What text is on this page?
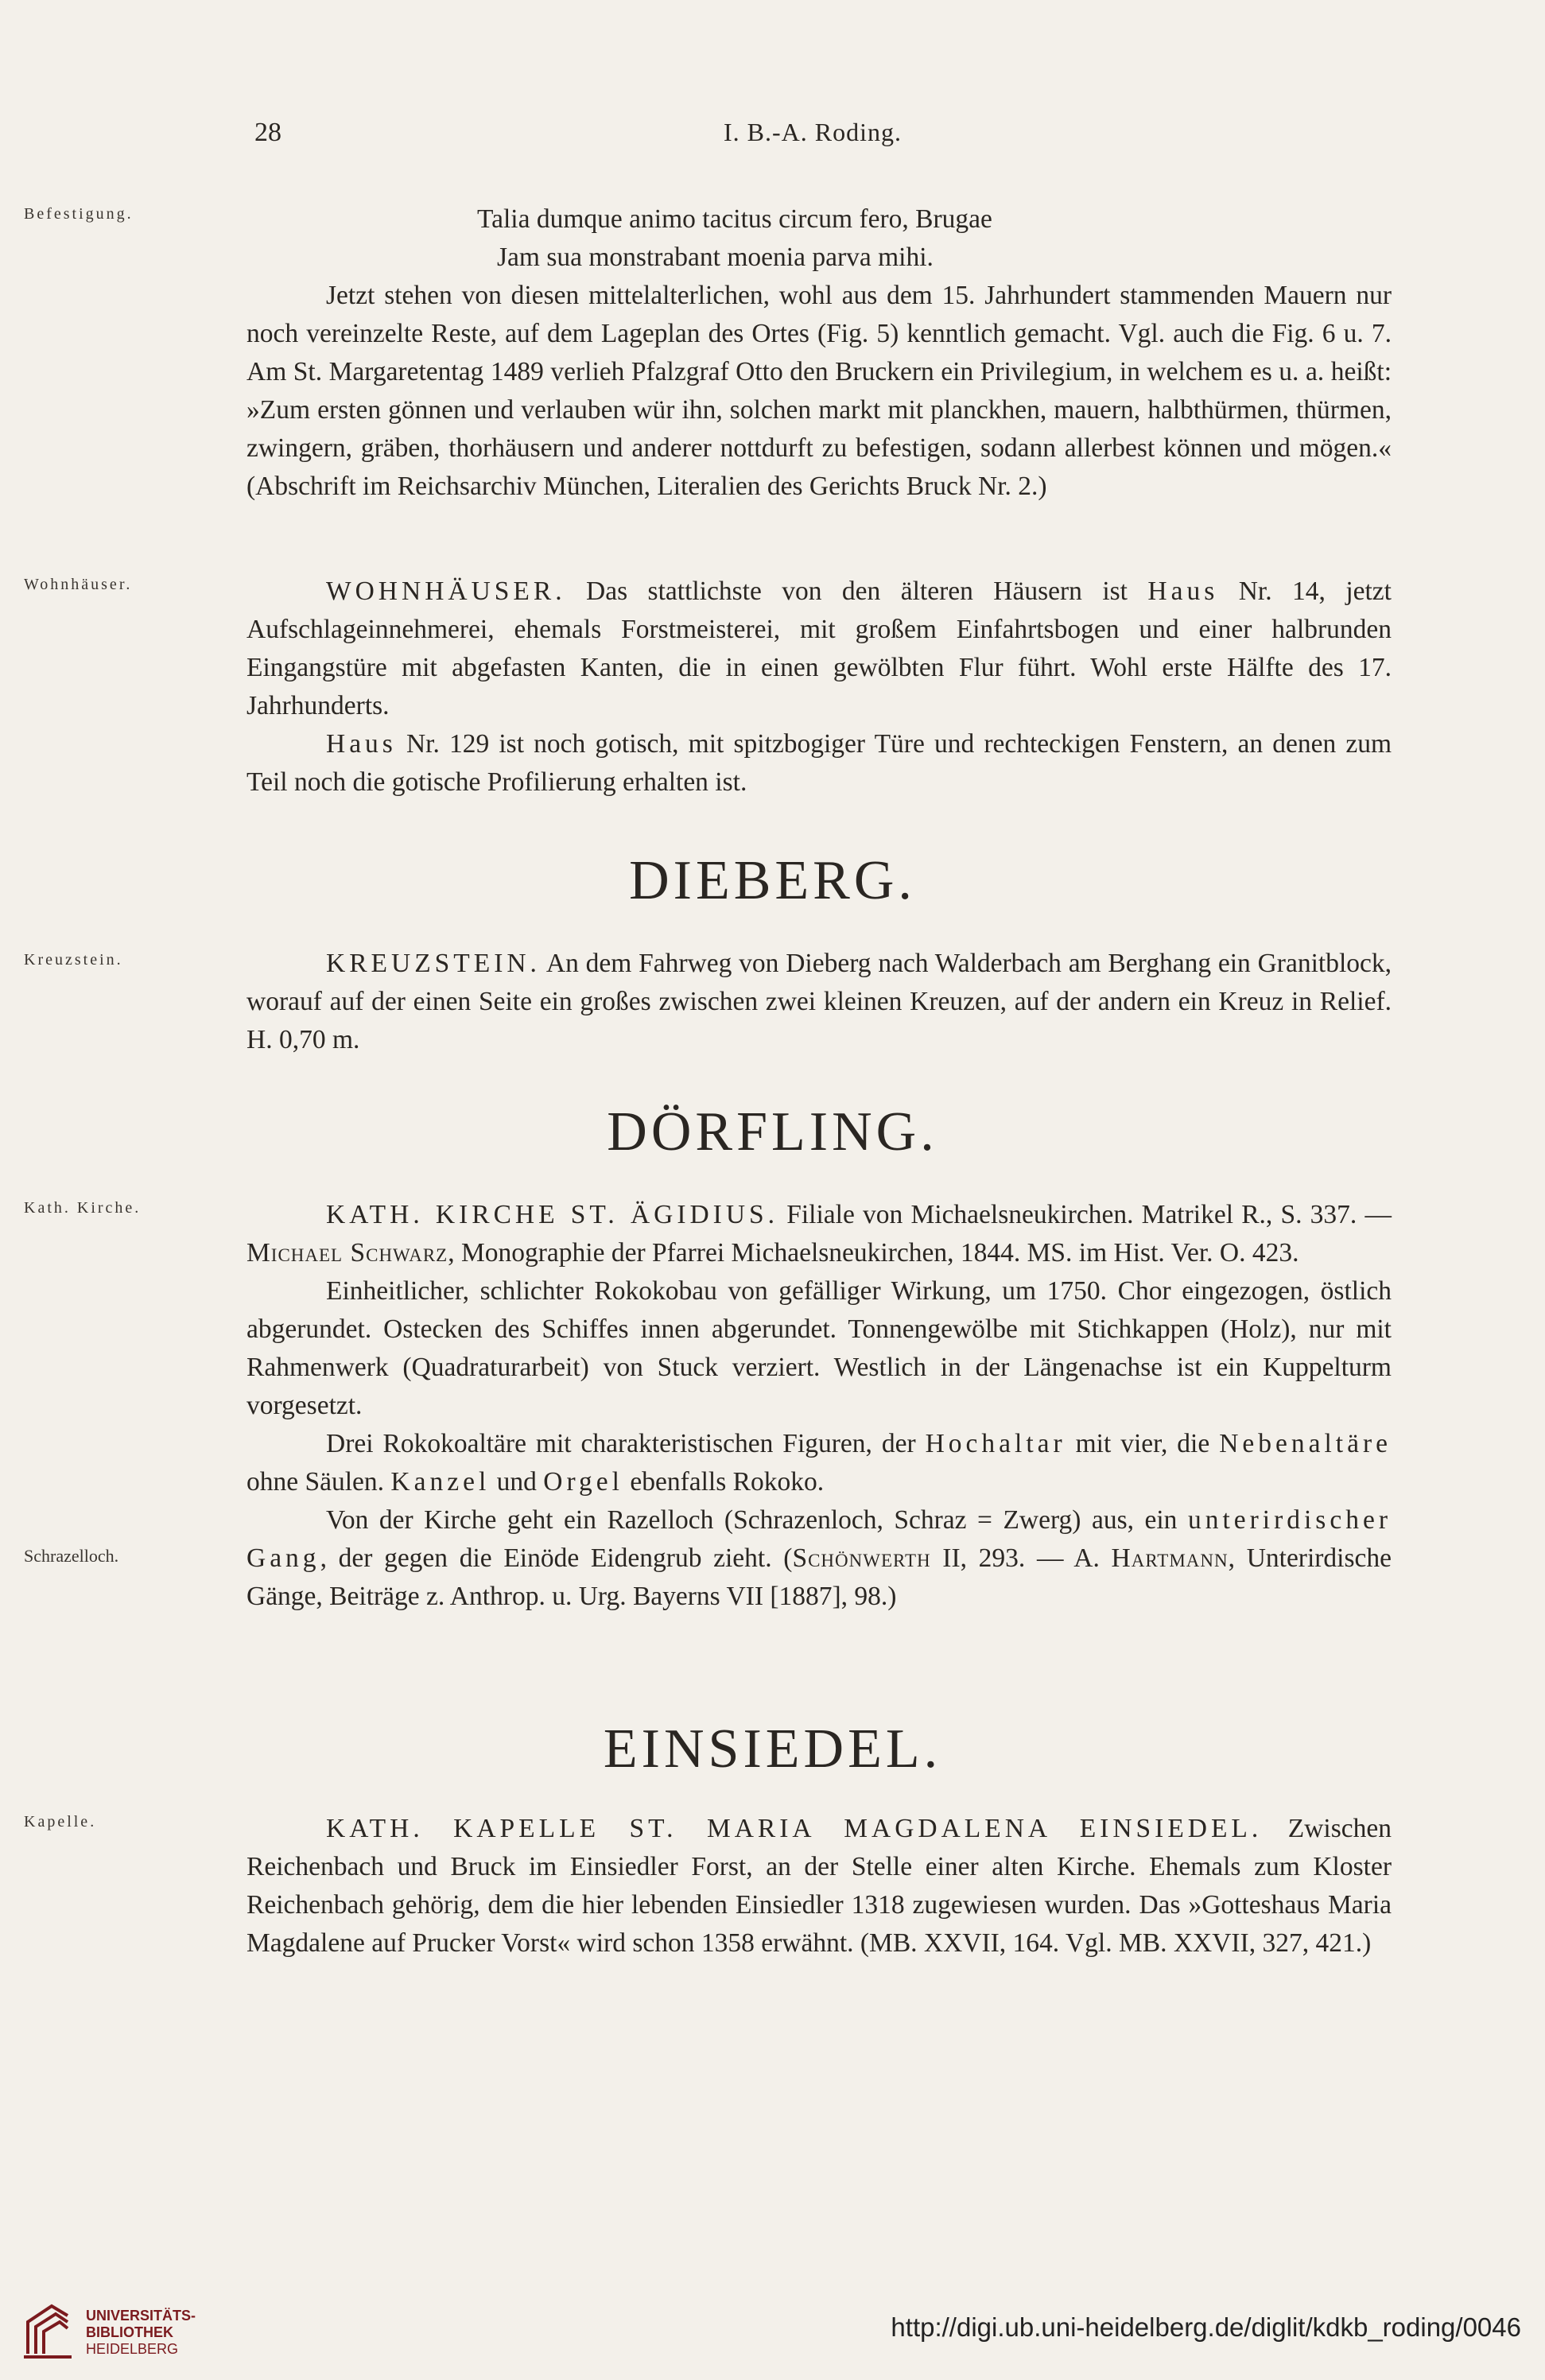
28	I. B.-A. Roding.
Befestigung.
Wohnhäuser.
Kreuzstein.
Kath. Kirche.
Schrazelloch.
Kapelle.
Talia dumque animo tacitus circum fero, Brugae
Jam sua monstrabant moenia parva mihi.

Jetzt stehen von diesen mittelalterlichen, wohl aus dem 15. Jahrhundert stammenden Mauern nur noch vereinzelte Reste, auf dem Lageplan des Ortes (Fig. 5) kenntlich gemacht. Vgl. auch die Fig. 6 u. 7. Am St. Margaretentag 1489 verlieh Pfalzgraf Otto den Bruckern ein Privilegium, in welchem es u. a. heißt: »Zum ersten gönnen und verlauben wür ihn, solchen markt mit planckhen, mauern, halbthürmen, thürmen, zwingern, gräben, thorhäusern und anderer nottdurft zu befestigen, sodann allerbest können und mögen.« (Abschrift im Reichsarchiv München, Literalien des Gerichts Bruck Nr. 2.)

WOHNHÄUSER. Das stattlichste von den älteren Häusern ist Haus Nr. 14, jetzt Aufschlageinnehmerei, ehemals Forstmeisterei, mit großem Einfahrtsbogen und einer halbrunden Eingangstüre mit abgefasten Kanten, die in einen gewölbten Flur führt. Wohl erste Hälfte des 17. Jahrhunderts.

Haus Nr. 129 ist noch gotisch, mit spitzbogiger Türe und rechteckigen Fenstern, an denen zum Teil noch die gotische Profilierung erhalten ist.

DIEBERG.

KREUZSTEIN. An dem Fahrweg von Dieberg nach Walderbach am Berghang ein Granitblock, worauf auf der einen Seite ein großes zwischen zwei kleinen Kreuzen, auf der andern ein Kreuz in Relief. H. 0,70 m.

DÖRFLING.

KATH. KIRCHE ST. ÄGIDIUS. Filiale von Michaelsneukirchen. Matrikel R., S. 337. — Michael Schwarz, Monographie der Pfarrei Michaelsneukirchen, 1844. MS. im Hist. Ver. O. 423.

Einheitlicher, schlichter Rokokobau von gefälliger Wirkung, um 1750. Chor eingezogen, östlich abgerundet. Ostecken des Schiffes innen abgerundet. Tonnengewölbe mit Stichkappen (Holz), nur mit Rahmenwerk (Quadraturarbeit) von Stuck verziert. Westlich in der Längenachse ist ein Kuppelturm vorgesetzt.

Drei Rokokoaltäre mit charakteristischen Figuren, der Hochaltar mit vier, die Nebenaltäre ohne Säulen. Kanzel und Orgel ebenfalls Rokoko.

Von der Kirche geht ein Razelloch (Schrazenloch, Schraz = Zwerg) aus, ein unterirdischer Gang, der gegen die Einöde Eidengrub zieht. (Schönwerth II, 293. — A. Hartmann, Unterirdische Gänge, Beiträge z. Anthrop. u. Urg. Bayerns VII [1887], 98.)

EINSIEDEL.

KATH. KAPELLE ST. MARIA MAGDALENA EINSIEDEL. Zwischen Reichenbach und Bruck im Einsiedler Forst, an der Stelle einer alten Kirche. Ehemals zum Kloster Reichenbach gehörig, dem die hier lebenden Einsiedler 1318 zugewiesen wurden. Das »Gotteshaus Maria Magdalene auf Prucker Vorst« wird schon 1358 erwähnt. (MB. XXVII, 164. Vgl. MB. XXVII, 327, 421.)

UNIVERSITÄTS-
BIBLIOTHEK
HEIDELBERG
http://digi.ub.uni-heidelberg.de/diglit/kdkb_roding/0046
